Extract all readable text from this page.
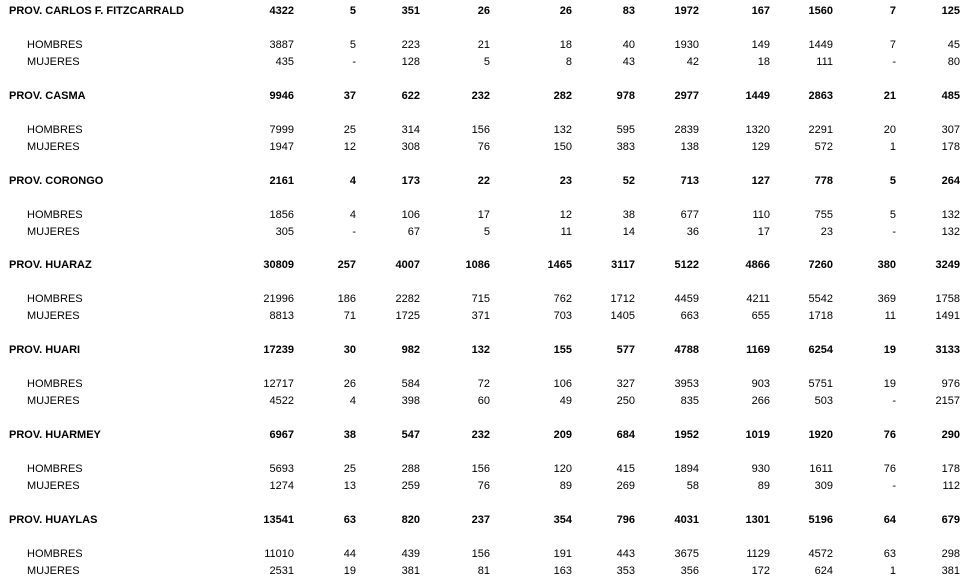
PROV. CARLOS F. FITZCARRALD	4322	5	351	26	26	83	1972	167	1560	7	125
HOMBRES	3887	5	223	21	18	40	1930	149	1449	7	45
MUJERES	435	-	128	5	8	43	42	18	111	-	80
PROV. CASMA	9946	37	622	232	282	978	2977	1449	2863	21	485
HOMBRES	7999	25	314	156	132	595	2839	1320	2291	20	307
MUJERES	1947	12	308	76	150	383	138	129	572	1	178
PROV. CORONGO	2161	4	173	22	23	52	713	127	778	5	264
HOMBRES	1856	4	106	17	12	38	677	110	755	5	132
MUJERES	305	-	67	5	11	14	36	17	23	-	132
PROV. HUARAZ	30809	257	4007	1086	1465	3117	5122	4866	7260	380	3249
HOMBRES	21996	186	2282	715	762	1712	4459	4211	5542	369	1758
MUJERES	8813	71	1725	371	703	1405	663	655	1718	11	1491
PROV. HUARI	17239	30	982	132	155	577	4788	1169	6254	19	3133
HOMBRES	12717	26	584	72	106	327	3953	903	5751	19	976
MUJERES	4522	4	398	60	49	250	835	266	503	-	2157
PROV. HUARMEY	6967	38	547	232	209	684	1952	1019	1920	76	290
HOMBRES	5693	25	288	156	120	415	1894	930	1611	76	178
MUJERES	1274	13	259	76	89	269	58	89	309	-	112
PROV. HUAYLAS	13541	63	820	237	354	796	4031	1301	5196	64	679
HOMBRES	11010	44	439	156	191	443	3675	1129	4572	63	298
MUJERES	2531	19	381	81	163	353	356	172	624	1	381
